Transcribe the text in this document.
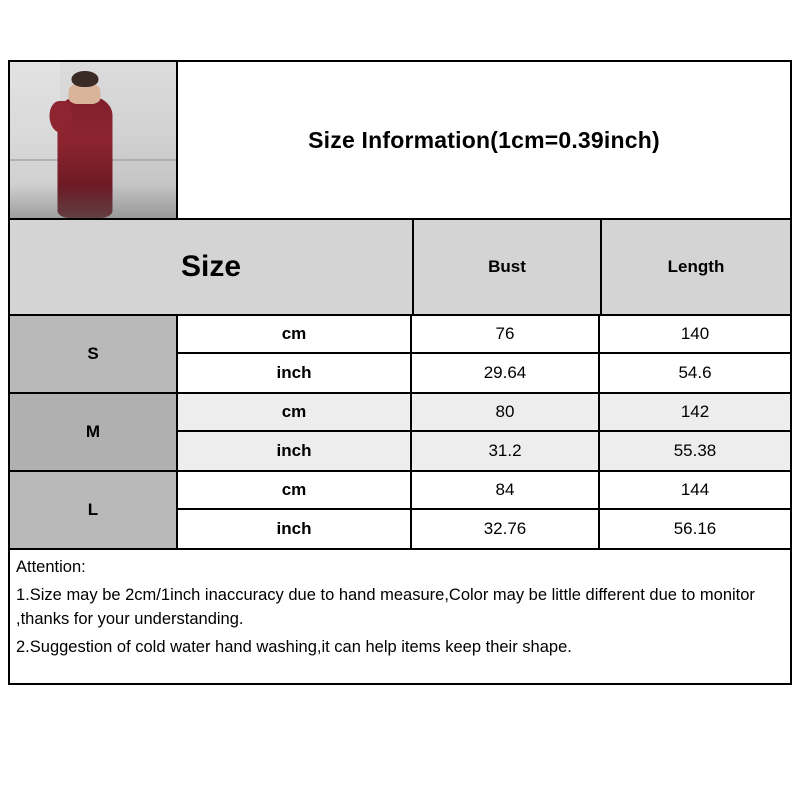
Size Information(1cm=0.39inch)
Size	Bust	Length
S
cm	76	140
inch	29.64	54.6
M
cm	80	142
inch	31.2	55.38
L
cm	84	144
inch	32.76	56.16

Attention:

1.Size may be 2cm/1inch inaccuracy due to hand measure,Color may be little different due to monitor ,thanks for your understanding.

2.Suggestion of cold water hand washing,it can help items keep their shape.
